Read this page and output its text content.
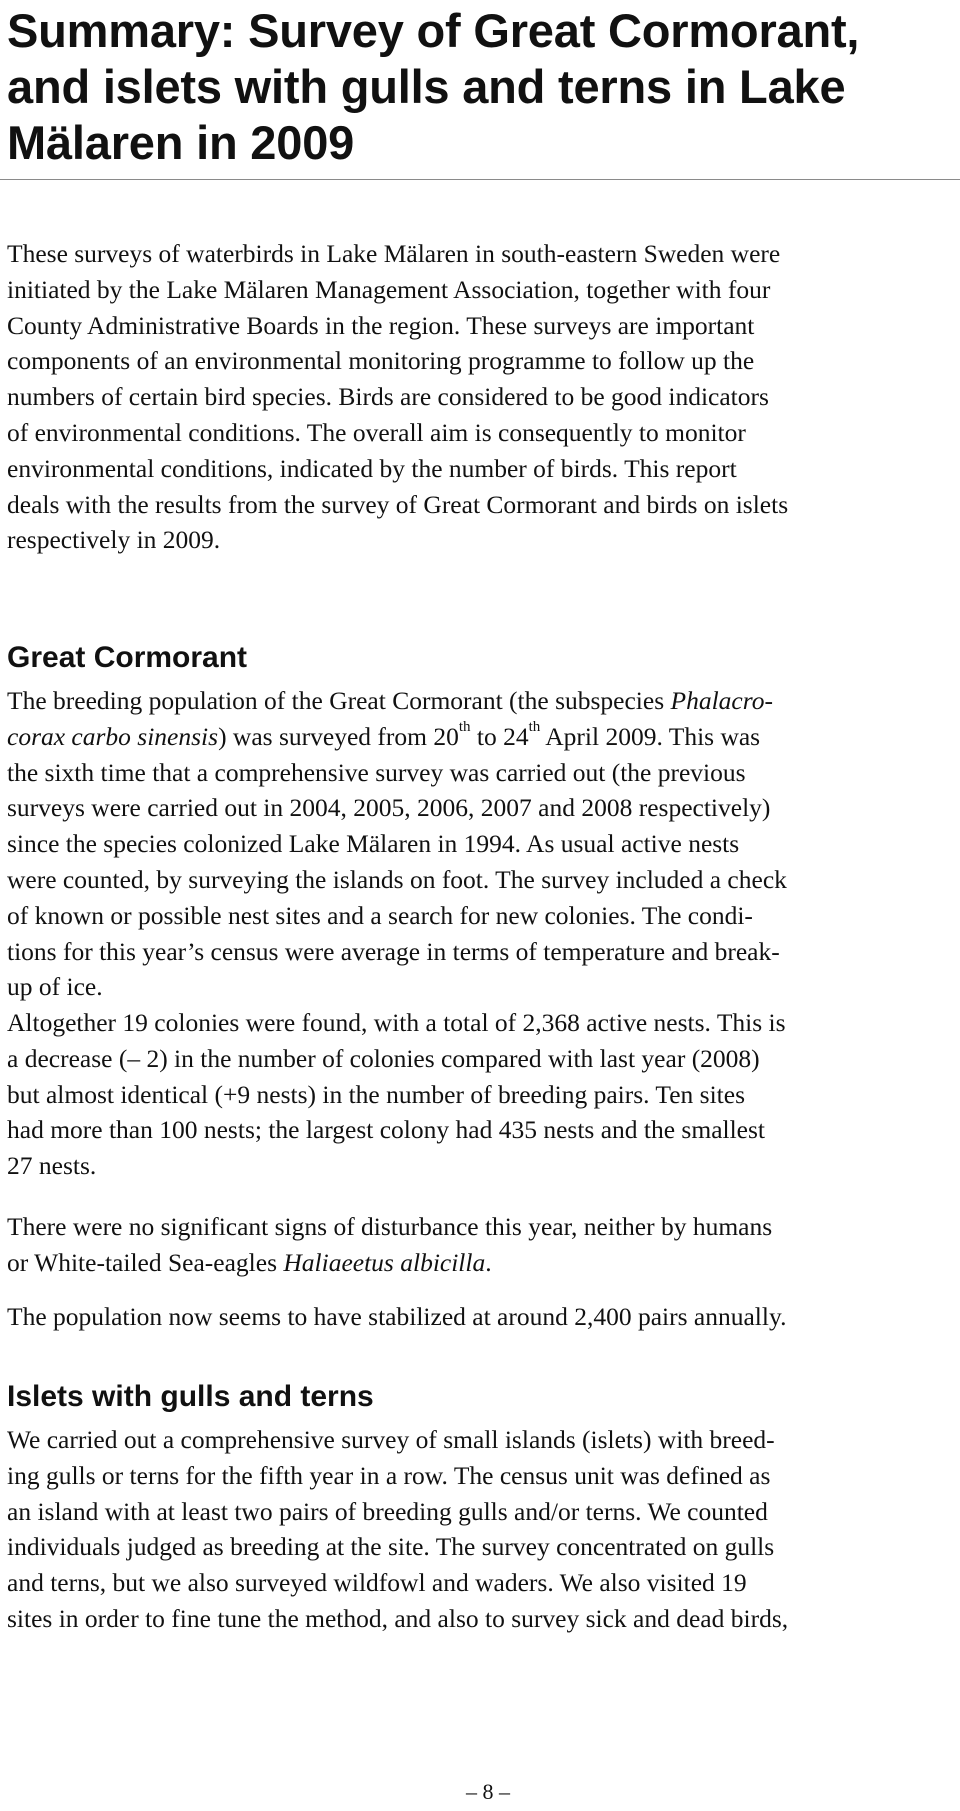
Summary: Survey of Great Cormorant,
and islets with gulls and terns in Lake
Mälaren in 2009

These surveys of waterbirds in Lake Mälaren in south-eastern Sweden were
initiated by the Lake Mälaren Management Association, together with four
County Administrative Boards in the region. These surveys are important
components of an environmental monitoring programme to follow up the
numbers of certain bird species. Birds are considered to be good indicators
of environmental conditions. The overall aim is consequently to monitor
environmental conditions, indicated by the number of birds. This report
deals with the results from the survey of Great Cormorant and birds on islets
respectively in 2009.

Great Cormorant

The breeding population of the Great Cormorant (the subspecies Phalacro-
corax carbo sinensis) was surveyed from 20th to 24th April 2009. This was
the sixth time that a comprehensive survey was carried out (the previous
surveys were carried out in 2004, 2005, 2006, 2007 and 2008 respectively)
since the species colonized Lake Mälaren in 1994. As usual active nests
were counted, by surveying the islands on foot. The survey included a check
of known or possible nest sites and a search for new colonies. The condi-
tions for this year’s census were average in terms of temperature and break-
up of ice.

Altogether 19 colonies were found, with a total of 2,368 active nests. This is
a decrease (– 2) in the number of colonies compared with last year (2008)
but almost identical (+9 nests) in the number of breeding pairs. Ten sites
had more than 100 nests; the largest colony had 435 nests and the smallest
27 nests.

There were no significant signs of disturbance this year, neither by humans
or White-tailed Sea-eagles Haliaeetus albicilla.

The population now seems to have stabilized at around 2,400 pairs annually.

Islets with gulls and terns

We carried out a comprehensive survey of small islands (islets) with breed-
ing gulls or terns for the fifth year in a row. The census unit was defined as
an island with at least two pairs of breeding gulls and/or terns. We counted
individuals judged as breeding at the site. The survey concentrated on gulls
and terns, but we also surveyed wildfowl and waders. We also visited 19
sites in order to fine tune the method, and also to survey sick and dead birds,

– 8 –
